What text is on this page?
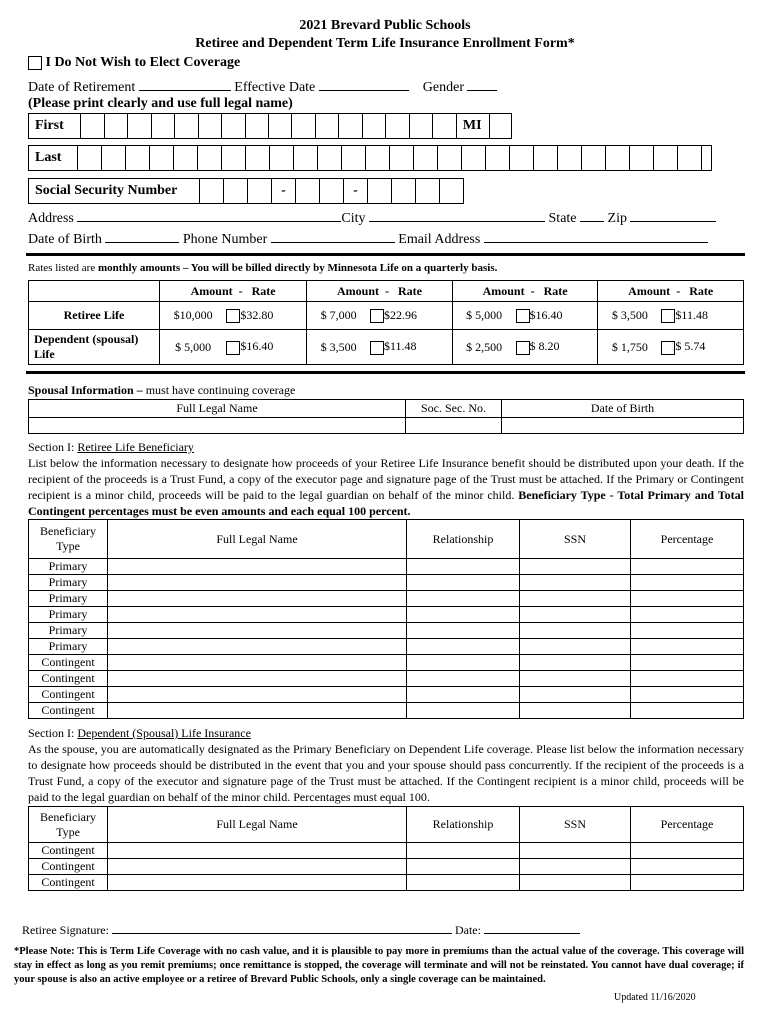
2021 Brevard Public Schools
Retiree and Dependent Term Life Insurance Enrollment Form*
I Do Not Wish to Elect Coverage
Date of Retirement	Effective Date	Gender
(Please print clearly and use full legal name)
First	MI
Last
Social Security Number	-	-
Address	City	State Zip
Date of Birth	Phone Number	Email Address
Rates listed are monthly amounts – You will be billed directly by Minnesota Life on a quarterly basis.
	Amount - Rate		Amount - Rate		Amount - Rate		Amount - Rate	
Retiree Life	$10,000	$32.80	$ 7,000	$22.96	$ 5,000	$16.40	$ 3,500	$11.48
Dependent (spousal) Life	$ 5,000	$16.40	$ 3,500	$11.48	$ 2,500	$ 8.20	$ 1,750	$ 5.74
Spousal Information – must have continuing coverage
Full Legal Name	Soc. Sec. No.	Date of Birth

Section I: Retiree Life Beneficiary
List below the information necessary to designate how proceeds of your Retiree Life Insurance benefit should be distributed upon your death. If the recipient of the proceeds is a Trust Fund, a copy of the executor page and signature page of the Trust must be attached. If the Primary or Contingent recipient is a minor child, proceeds will be paid to the legal guardian on behalf of the minor child. Beneficiary Type - Total Primary and Total Contingent percentages must be even amounts and each equal 100 percent.
Beneficiary Type	Full Legal Name	Relationship	SSN	Percentage
Primary				
Primary				
Primary				
Primary				
Primary				
Primary				
Contingent				
Contingent				
Contingent				
Contingent				
Section I: Dependent (Spousal) Life Insurance
As the spouse, you are automatically designated as the Primary Beneficiary on Dependent Life coverage. Please list below the information necessary to designate how proceeds should be distributed in the event that you and your spouse should pass concurrently. If the recipient of the proceeds is a Trust Fund, a copy of the executor and signature page of the Trust must be attached. If the Contingent recipient is a minor child, proceeds will be paid to the legal guardian on behalf of the minor child. Percentages must equal 100.
Beneficiary Type	Full Legal Name	Relationship	SSN	Percentage
Contingent				
Contingent				
Contingent				
Retiree Signature:	Date:
*Please Note: This is Term Life Coverage with no cash value, and it is plausible to pay more in premiums than the actual value of the coverage. This coverage will stay in effect as long as you remit premiums; once remittance is stopped, the coverage will terminate and will not be reinstated. You cannot have dual coverage; if your spouse is also an active employee or a retiree of Brevard Public Schools, only a single coverage can be maintained.
Updated 11/16/2020
